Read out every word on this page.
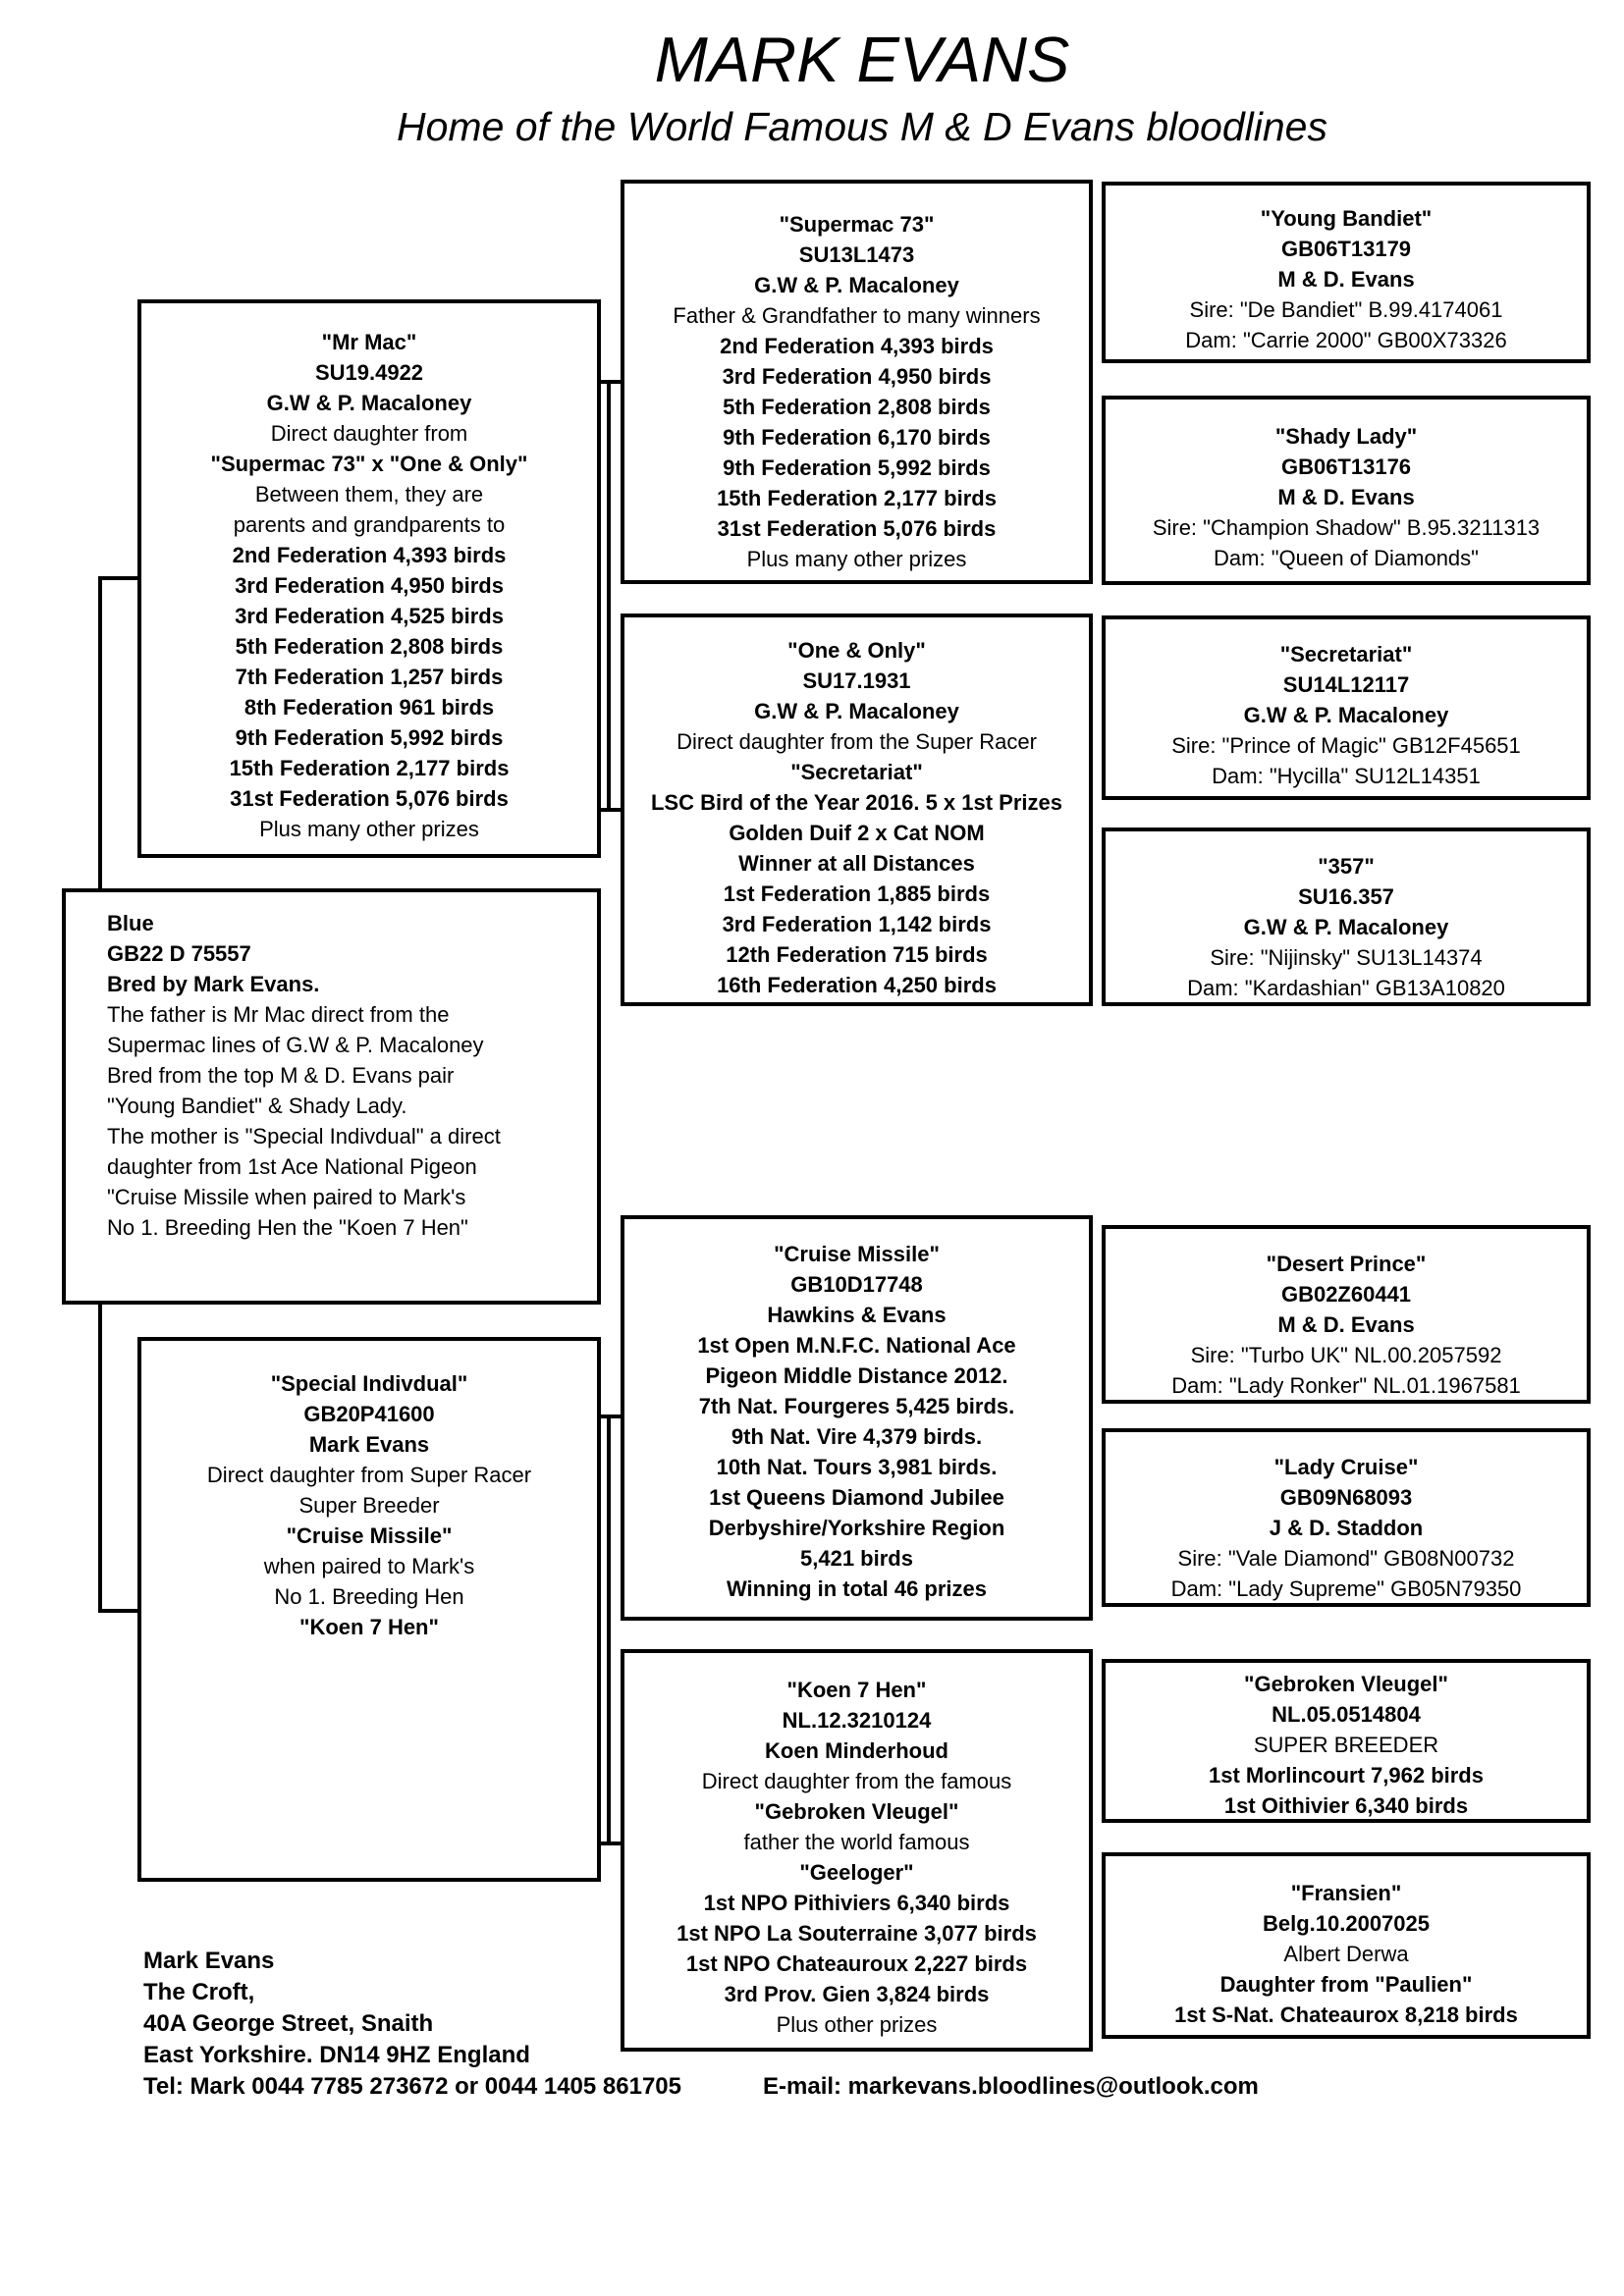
MARK EVANS
Home of the World Famous M & D Evans bloodlines
"Mr Mac"
SU19.4922
G.W & P. Macaloney
Direct daughter from
"Supermac 73" x "One & Only"
Between them, they are
parents and grandparents to
2nd Federation 4,393 birds
3rd Federation 4,950 birds
3rd Federation 4,525 birds
5th Federation 2,808 birds
7th Federation 1,257 birds
8th Federation 961 birds
9th Federation 5,992 birds
15th Federation 2,177 birds
31st Federation 5,076 birds
Plus many other prizes
Blue
GB22 D 75557
Bred by Mark Evans.
The father is Mr Mac direct from the
Supermac lines of G.W & P. Macaloney
Bred from the top M & D. Evans pair
"Young Bandiet" & Shady Lady.
The mother is "Special Indivdual" a direct
daughter from 1st Ace National Pigeon
"Cruise Missile when paired to Mark's
No 1. Breeding Hen the "Koen 7 Hen"
"Special Indivdual"
GB20P41600
Mark Evans
Direct daughter from Super Racer
Super Breeder
"Cruise Missile"
when paired to Mark's
No 1. Breeding Hen
"Koen 7 Hen"
"Supermac 73"
SU13L1473
G.W & P. Macaloney
Father & Grandfather to many winners
2nd Federation 4,393 birds
3rd Federation 4,950 birds
5th Federation 2,808 birds
9th Federation 6,170 birds
9th Federation 5,992 birds
15th Federation 2,177 birds
31st Federation 5,076 birds
Plus many other prizes
"One & Only"
SU17.1931
G.W & P. Macaloney
Direct daughter from the Super Racer
"Secretariat"
LSC Bird of the Year 2016. 5 x 1st Prizes
Golden Duif 2 x Cat NOM
Winner at all Distances
1st Federation 1,885 birds
3rd Federation 1,142 birds
12th Federation 715 birds
16th Federation 4,250 birds
"Cruise Missile"
GB10D17748
Hawkins & Evans
1st Open M.N.F.C. National Ace
Pigeon Middle Distance 2012.
7th Nat. Fourgeres 5,425 birds.
9th Nat. Vire 4,379 birds.
10th Nat. Tours 3,981 birds.
1st Queens Diamond Jubilee
Derbyshire/Yorkshire Region
5,421 birds
Winning in total 46 prizes
"Koen 7 Hen"
NL.12.3210124
Koen Minderhoud
Direct daughter from the famous
"Gebroken Vleugel"
father the world famous
"Geeloger"
1st NPO Pithiviers 6,340 birds
1st NPO La Souterraine 3,077 birds
1st NPO Chateauroux 2,227 birds
3rd Prov. Gien 3,824 birds
Plus other prizes
"Young Bandiet"
GB06T13179
M & D. Evans
Sire: "De Bandiet" B.99.4174061
Dam: "Carrie 2000" GB00X73326
"Shady Lady"
GB06T13176
M & D. Evans
Sire: "Champion Shadow" B.95.3211313
Dam: "Queen of Diamonds"
"Secretariat"
SU14L12117
G.W & P. Macaloney
Sire: "Prince of Magic" GB12F45651
Dam: "Hycilla" SU12L14351
"357"
SU16.357
G.W & P. Macaloney
Sire: "Nijinsky" SU13L14374
Dam: "Kardashian" GB13A10820
"Desert Prince"
GB02Z60441
M & D. Evans
Sire: "Turbo UK" NL.00.2057592
Dam: "Lady Ronker" NL.01.1967581
"Lady Cruise"
GB09N68093
J & D. Staddon
Sire: "Vale Diamond" GB08N00732
Dam: "Lady Supreme" GB05N79350
"Gebroken Vleugel"
NL.05.0514804
SUPER BREEDER
1st Morlincourt 7,962 birds
1st Oithivier 6,340 birds
"Fransien"
Belg.10.2007025
Albert Derwa
Daughter from "Paulien"
1st S-Nat. Chateaurox 8,218 birds
Mark Evans
The Croft,
40A George Street, Snaith
East Yorkshire. DN14 9HZ England
Tel: Mark 0044 7785 273672 or 0044 1405 861705	E-mail: markevans.bloodlines@outlook.com
